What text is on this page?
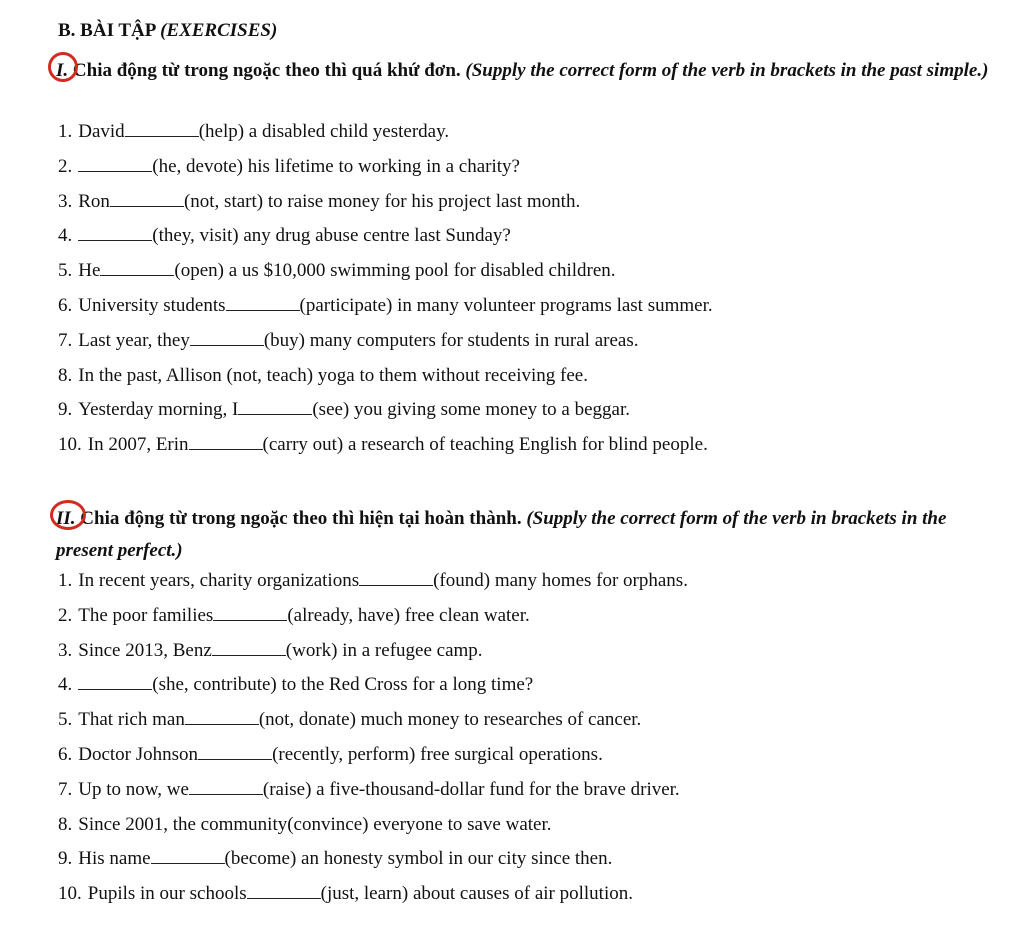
B. BÀI TẬP (EXERCISES)
I. Chia động từ trong ngoặc theo thì quá khứ đơn. (Supply the correct form of the verb in brackets in the past simple.)
1. David	(help) a disabled child yesterday.
2.	(he, devote) his lifetime to working in a charity?
3. Ron	(not, start) to raise money for his project last month.
4.	(they, visit) any drug abuse centre last Sunday?
5. He	(open) a us $10,000 swimming pool for disabled children.
6. University students	(participate) in many volunteer programs last summer.
7. Last year, they	(buy) many computers for students in rural areas.
8. In the past, Allison (not, teach) yoga to them without receiving fee.
9. Yesterday morning, I	(see) you giving some money to a beggar.
10. In 2007, Erin	(carry out) a research of teaching English for blind people.
II. Chia động từ trong ngoặc theo thì hiện tại hoàn thành. (Supply the correct form of the verb in brackets in the present perfect.)
1. In recent years, charity organizations	(found) many homes for orphans.
2. The poor families	(already, have) free clean water.
3. Since 2013, Benz	(work) in a refugee camp.
4.	(she, contribute) to the Red Cross for a long time?
5. That rich man	(not, donate) much money to researches of cancer.
6. Doctor Johnson	(recently, perform) free surgical operations.
7. Up to now, we	(raise) a five-thousand-dollar fund for the brave driver.
8. Since 2001, the community(convince) everyone to save water.
9. His name	(become) an honesty symbol in our city since then.
10. Pupils in our schools	(just, learn) about causes of air pollution.
